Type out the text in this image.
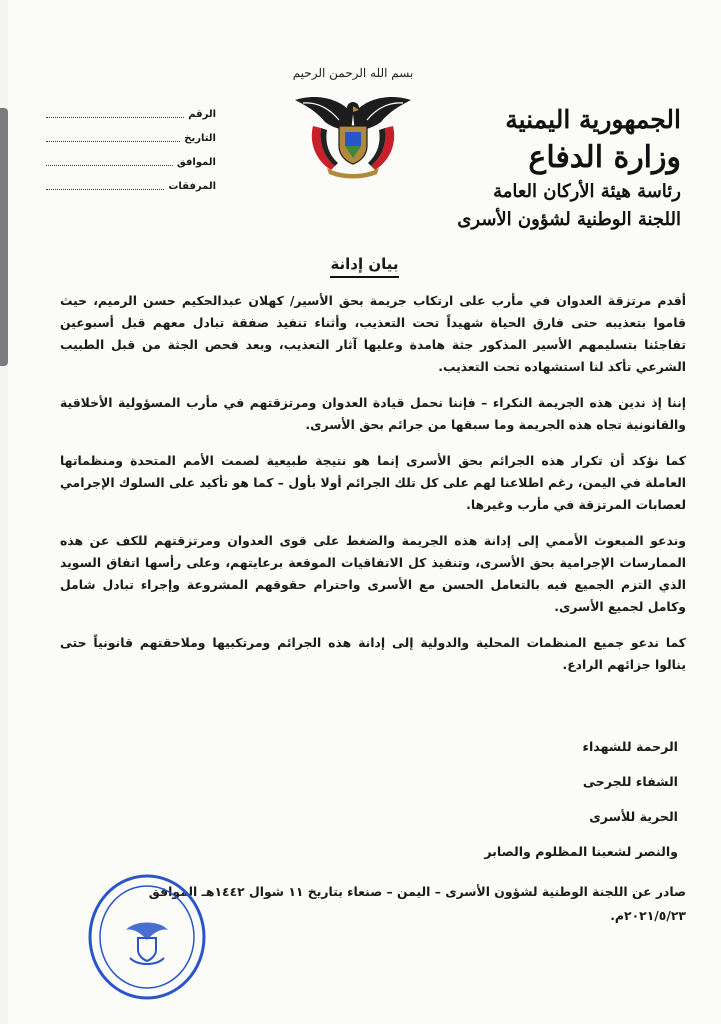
الرقم
التاريخ
الموافق
المرفقات
بسم الله الرحمن الرحيم
الجمهورية اليمنية
وزارة الدفاع
رئاسة هيئة الأركان العامة
اللجنة الوطنية لشؤون الأسرى
بيان إدانة

أقدم مرتزقة العدوان في مأرب على ارتكاب جريمة بحق الأسير/ كهلان عبدالحكيم حسن الرميم، حيث قاموا بتعذيبه حتى فارق الحياة شهيداً تحت التعذيب، وأثناء تنفيذ صفقة تبادل معهم قبل أسبوعين تفاجئنا بتسليمهم الأسير المذكور جثة هامدة وعليها آثار التعذيب، وبعد فحص الجثة من قبل الطبيب الشرعي تأكد لنا استشهاده تحت التعذيب.

إننا إذ ندين هذه الجريمة النكراء – فإننا نحمل قيادة العدوان ومرتزقتهم في مأرب المسؤولية الأخلاقية والقانونية تجاه هذه الجريمة وما سبقها من جرائم بحق الأسرى.

كما نؤكد أن تكرار هذه الجرائم بحق الأسرى إنما هو نتيجة طبيعية لصمت الأمم المتحدة ومنظماتها العاملة في اليمن، رغم اطلاعنا لهم على كل تلك الجرائم أولا بأول – كما هو تأكيد على السلوك الإجرامي لعصابات المرتزقة في مأرب وغيرها.

وندعو المبعوث الأممي إلى إدانة هذه الجريمة والضغط على قوى العدوان ومرتزقتهم للكف عن هذه الممارسات الإجرامية بحق الأسرى، وتنفيذ كل الاتفاقيات الموقعة برعايتهم، وعلى رأسها اتفاق السويد الذي التزم الجميع فيه بالتعامل الحسن مع الأسرى واحترام حقوقهم المشروعة وإجراء تبادل شامل وكامل لجميع الأسرى.

كما ندعو جميع المنظمات المحلية والدولية إلى إدانة هذه الجرائم ومرتكبيها وملاحقتهم قانونياً حتى ينالوا جزائهم الرادع.

الرحمة للشهداء
الشفاء للجرحى
الحرية للأسرى
والنصر لشعبنا المظلوم والصابر
صادر عن اللجنة الوطنية لشؤون الأسرى – اليمن – صنعاء بتاريخ ١١ شوال ١٤٤٢هـ الموافق
٢٠٢١/٥/٢٣م.
